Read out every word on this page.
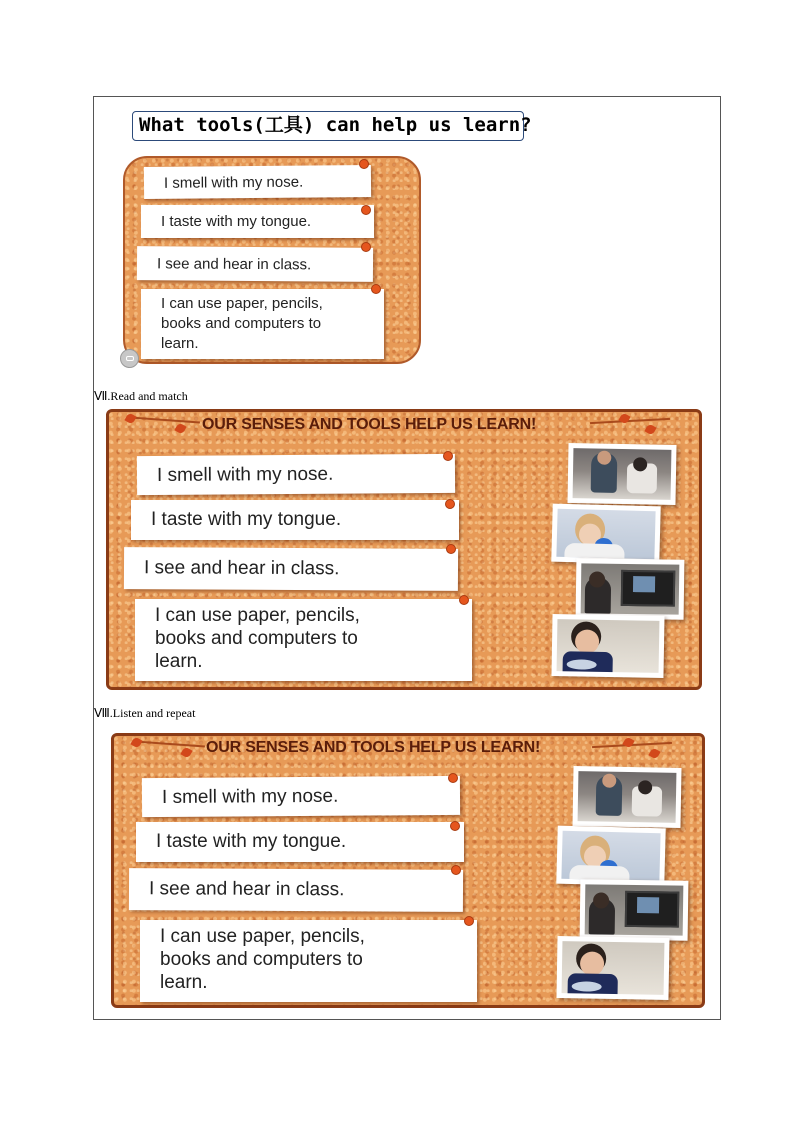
What tools(工具) can help us learn?
I smell with my nose.
I taste with my tongue.
I see and hear in class.
I can use paper, pencils,
books and computers to
learn.
Ⅶ.Read and match
OUR SENSES AND TOOLS HELP US LEARN!
I smell with my nose.
I taste with my tongue.
I see and hear in class.
I can use paper, pencils,
books and computers to
learn.
Ⅷ.Listen and repeat
OUR SENSES AND TOOLS HELP US LEARN!
I smell with my nose.
I taste with my tongue.
I see and hear in class.
I can use paper, pencils,
books and computers to
learn.
